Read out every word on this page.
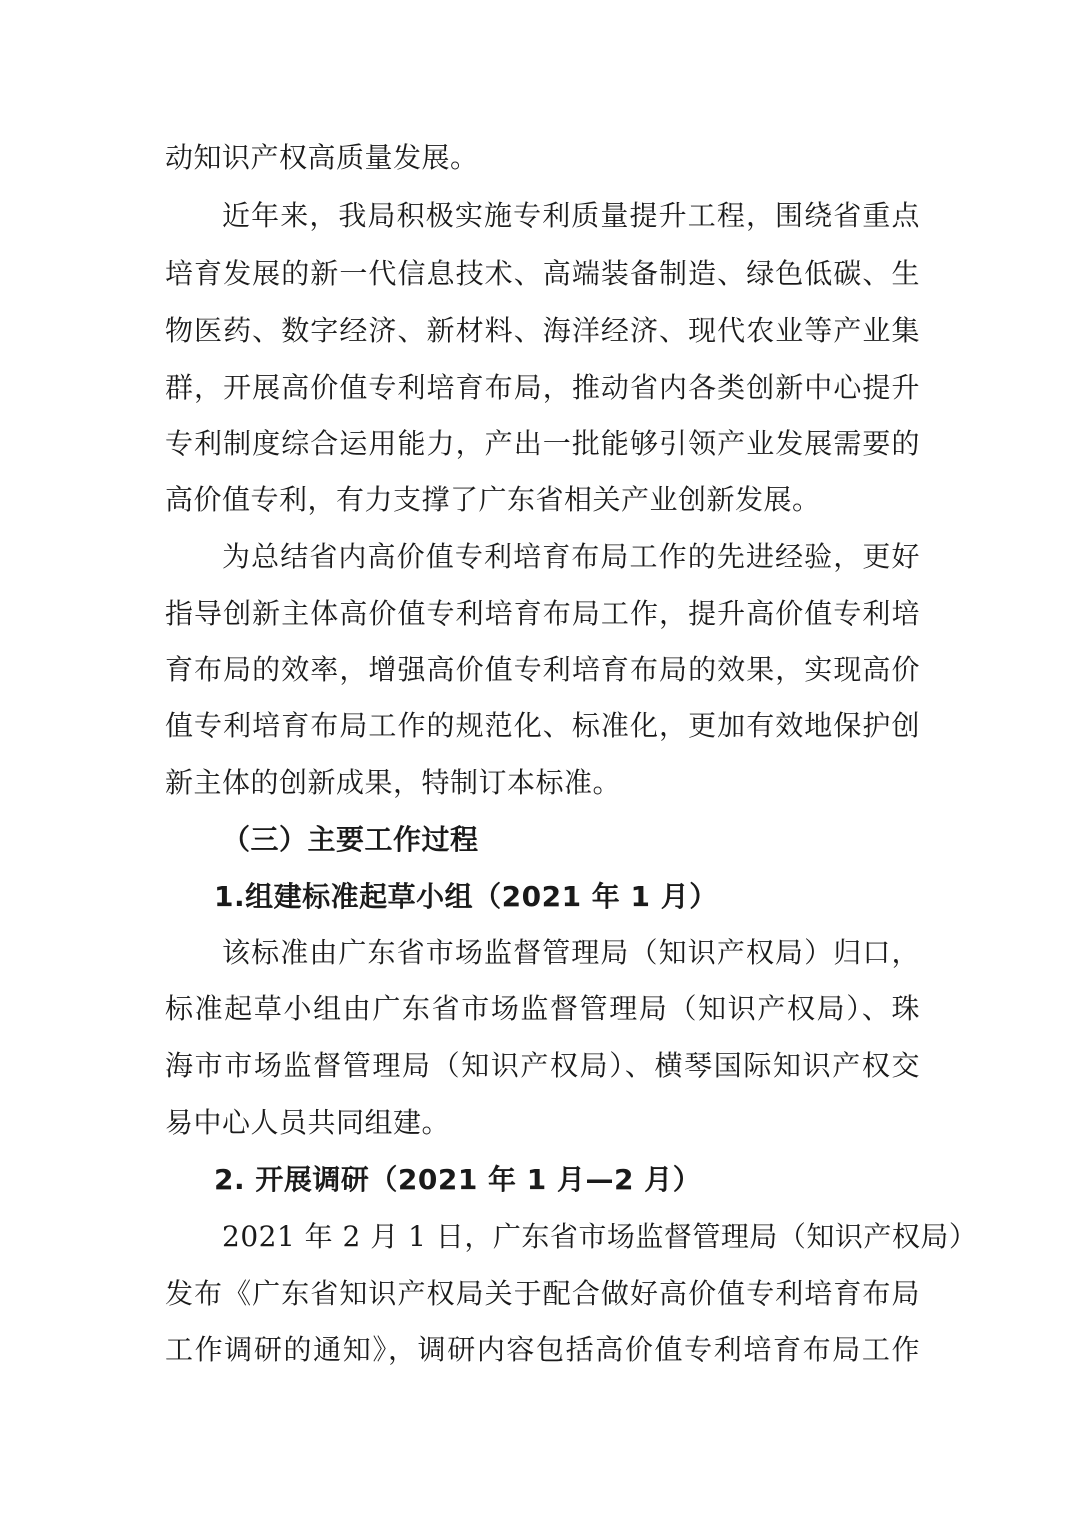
动知识产权高质量发展。
近年来，我局积极实施专利质量提升工程，围绕省重点
培育发展的新一代信息技术、高端装备制造、绿色低碳、生
物医药、数字经济、新材料、海洋经济、现代农业等产业集
群，开展高价值专利培育布局，推动省内各类创新中心提升
专利制度综合运用能力，产出一批能够引领产业发展需要的
高价值专利，有力支撑了广东省相关产业创新发展。
为总结省内高价值专利培育布局工作的先进经验，更好
指导创新主体高价值专利培育布局工作，提升高价值专利培
育布局的效率，增强高价值专利培育布局的效果，实现高价
值专利培育布局工作的规范化、标准化，更加有效地保护创
新主体的创新成果，特制订本标准。
（三）主要工作过程
1.组建标准起草小组（2021 年 1 月）
该标准由广东省市场监督管理局（知识产权局）归口，
标准起草小组由广东省市场监督管理局（知识产权局）、珠
海市市场监督管理局（知识产权局）、横琴国际知识产权交
易中心人员共同组建。
2. 开展调研（2021 年 1 月—2 月）
2021 年 2 月 1 日，广东省市场监督管理局（知识产权局）
发布《广东省知识产权局关于配合做好高价值专利培育布局
工作调研的通知》，调研内容包括高价值专利培育布局工作
